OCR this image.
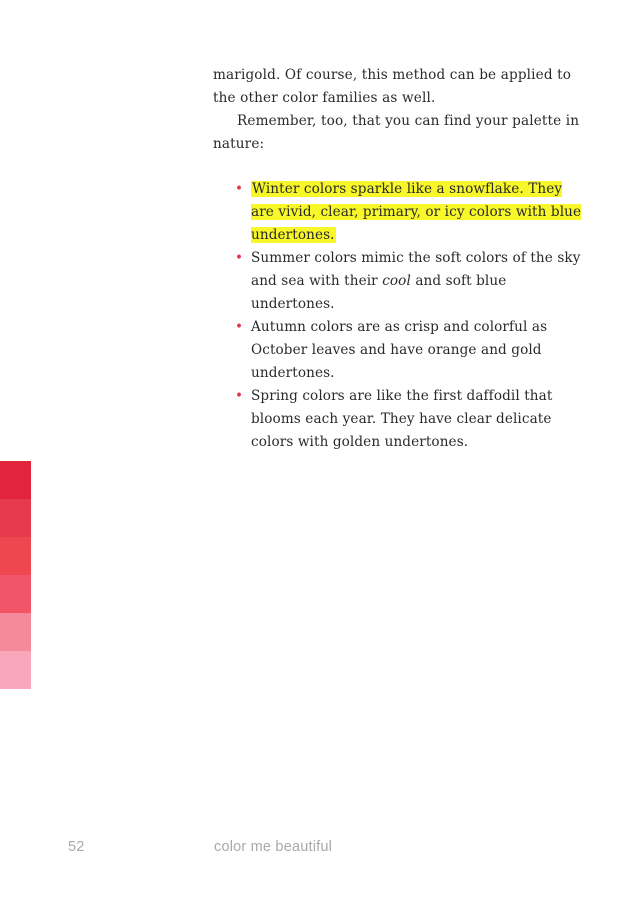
marigold. Of course, this method can be applied to the other color families as well.

Remember, too, that you can find your palette in nature:

• Winter colors sparkle like a snowflake. They are vivid, clear, primary, or icy colors with blue undertones.
• Summer colors mimic the soft colors of the sky and sea with their cool and soft blue undertones.
• Autumn colors are as crisp and colorful as October leaves and have orange and gold undertones.
• Spring colors are like the first daffodil that blooms each year. They have clear delicate colors with golden undertones.
52	color me beautiful
